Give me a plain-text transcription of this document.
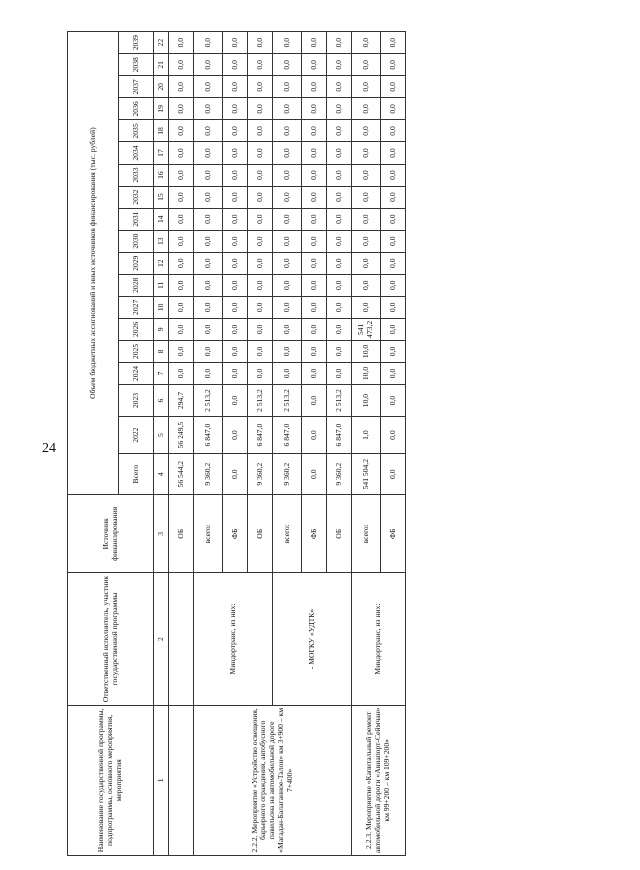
24
Наименование государственной программы, подпрограммы, основного мероприятия, мероприятия	Ответственный исполнитель, участник государственной программы	Источник финансирования	Объем бюджетных ассигнований и иных источников финансирования (тыс. рублей)																		
			Всего	2022	2023	2024	2025	2026	2027	2028	2029	2030	2031	2032	2033	2034	2035	2036	2037	2038	2039
1	2	3	4	5	6	7	8	9	10	11	12	13	14	15	16	17	18	19	20	21	22
		ОБ	56 544,2	56 249,5	294,7	0,0	0,0	0,0	0,0	0,0	0,0	0,0	0,0	0,0	0,0	0,0	0,0	0,0	0,0	0,0	0,0
2.2.2. Мероприятие «Устройство освещения, барьерного ограждения, автобусного павильона на автомобильной дороге «Магадан-Балаганное-Талон» км 3+900 – км 7+400»	Миндортранс, из них:	всего:	9 360,2	6 847,0	2 513,2	0,0	0,0	0,0	0,0	0,0	0,0	0,0	0,0	0,0	0,0	0,0	0,0	0,0	0,0	0,0	0,0
		ФБ	0,0	0,0	0,0	0,0	0,0	0,0	0,0	0,0	0,0	0,0	0,0	0,0	0,0	0,0	0,0	0,0	0,0	0,0	0,0
		ОБ	9 360,2	6 847,0	2 513,2	0,0	0,0	0,0	0,0	0,0	0,0	0,0	0,0	0,0	0,0	0,0	0,0	0,0	0,0	0,0	0,0
	- МОГКУ «УДТК»	всего:	9 360,2	6 847,0	2 513,2	0,0	0,0	0,0	0,0	0,0	0,0	0,0	0,0	0,0	0,0	0,0	0,0	0,0	0,0	0,0	0,0
		ФБ	0,0	0,0	0,0	0,0	0,0	0,0	0,0	0,0	0,0	0,0	0,0	0,0	0,0	0,0	0,0	0,0	0,0	0,0	0,0
		ОБ	9 360,2	6 847,0	2 513,2	0,0	0,0	0,0	0,0	0,0	0,0	0,0	0,0	0,0	0,0	0,0	0,0	0,0	0,0	0,0	0,0
2.2.3. Мероприятие «Капитальный ремонт автомобильной дороги «Авиапорт-Сеймчан» км 99+200 – км 109+200»	Миндортранс, из них:	всего:	541 504,2	1,0	10,0	10,0	10,0	541 473,2	0,0	0,0	0,0	0,0	0,0	0,0	0,0	0,0	0,0	0,0	0,0	0,0	0,0
		ФБ	0,0	0,0	0,0	0,0	0,0	0,0	0,0	0,0	0,0	0,0	0,0	0,0	0,0	0,0	0,0	0,0	0,0	0,0	0,0
